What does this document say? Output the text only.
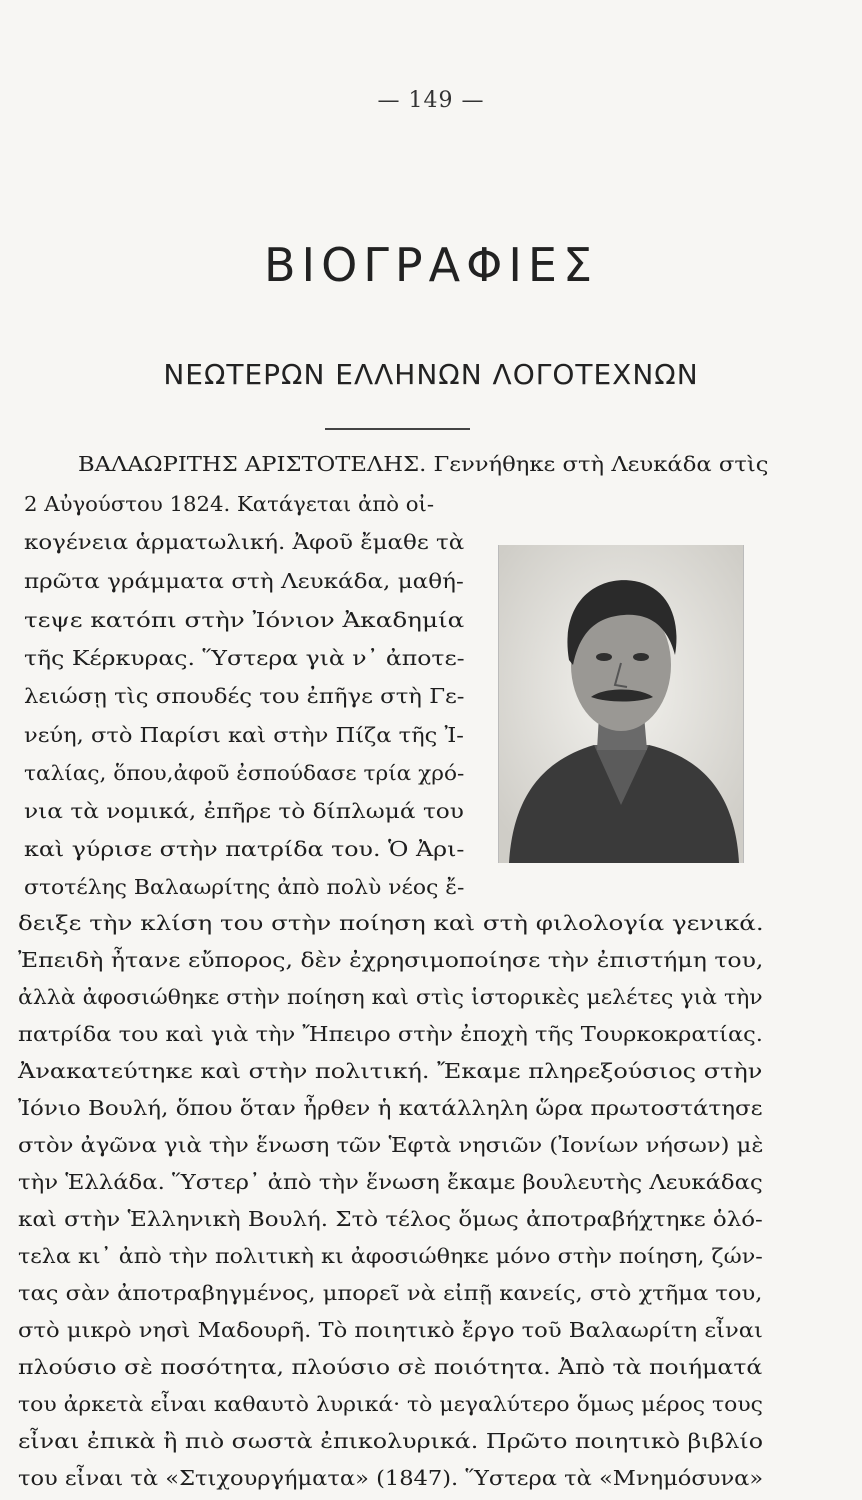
— 149 —
ΒΙΟΓΡΑΦΙΕΣ
ΝΕΩΤΕΡΩΝ ΕΛΛΗΝΩΝ ΛΟΓΟΤΕΧΝΩΝ
ΒΑΛΑΩΡΙΤΗΣ ΑΡΙΣΤΟΤΕΛΗΣ. Γεννήθηκε στὴ Λευκάδα στὶς
2 Αὐγούστου 1824. Κατάγεται ἀπὸ οἰ-
κογένεια ἁρματωλική. Ἀφοῦ ἔμαθε τὰ
πρῶτα γράμματα στὴ Λευκάδα, μαθή-
τεψε κατόπι στὴν Ἰόνιον Ἀκαδημία
τῆς Κέρκυρας. Ὕστερα γιὰ ν᾽ ἀποτε-
λειώσῃ τὶς σπουδές του ἐπῆγε στὴ Γε-
νεύη, στὸ Παρίσι καὶ στὴν Πίζα τῆς Ἰ-
ταλίας, ὅπου,ἀφοῦ ἐσπούδασε τρία χρό-
νια τὰ νομικά, ἐπῆρε τὸ δίπλωμά του
καὶ γύρισε στὴν πατρίδα του. Ὁ Ἀρι-
στοτέλης Βαλαωρίτης ἀπὸ πολὺ νέος ἔ-
δειξε τὴν κλίση του στὴν ποίηση καὶ στὴ φιλολογία γενικά.
Ἐπειδὴ ἦτανε εὔπορος, δὲν ἐχρησιμοποίησε τὴν ἐπιστήμη του,
ἀλλὰ ἀφοσιώθηκε στὴν ποίηση καὶ στὶς ἱστορικὲς μελέτες γιὰ τὴν
πατρίδα του καὶ γιὰ τὴν Ἤπειρο στὴν ἐποχὴ τῆς Τουρκοκρατίας.
Ἀνακατεύτηκε καὶ στὴν πολιτική. Ἔκαμε πληρεξούσιος στὴν
Ἰόνιο Βουλή, ὅπου ὅταν ἦρθεν ἡ κατάλληλη ὥρα πρωτοστάτησε
στὸν ἀγῶνα γιὰ τὴν ἕνωση τῶν Ἑφτὰ νησιῶν (Ἰονίων νήσων) μὲ
τὴν Ἑλλάδα. Ὕστερ᾽ ἀπὸ τὴν ἕνωση ἔκαμε βουλευτὴς Λευκάδας
καὶ στὴν Ἑλληνικὴ Βουλή. Στὸ τέλος ὅμως ἀποτραβήχτηκε ὁλό-
τελα κι᾽ ἀπὸ τὴν πολιτικὴ κι ἀφοσιώθηκε μόνο στὴν ποίηση, ζών-
τας σὰν ἀποτραβηγμένος, μπορεῖ νὰ εἰπῇ κανείς, στὸ χτῆμα του,
στὸ μικρὸ νησὶ Μαδουρῆ. Τὸ ποιητικὸ ἔργο τοῦ Βαλαωρίτη εἶναι
πλούσιο σὲ ποσότητα, πλούσιο σὲ ποιότητα. Ἀπὸ τὰ ποιήματά
του ἀρκετὰ εἶναι καθαυτὸ λυρικά· τὸ μεγαλύτερο ὅμως μέρος τους
εἶναι ἐπικὰ ἢ πιὸ σωστὰ ἐπικολυρικά. Πρῶτο ποιητικὸ βιβλίο
του εἶναι τὰ «Στιχουργήματα» (1847). Ὕστερα τὰ «Μνημόσυνα»
